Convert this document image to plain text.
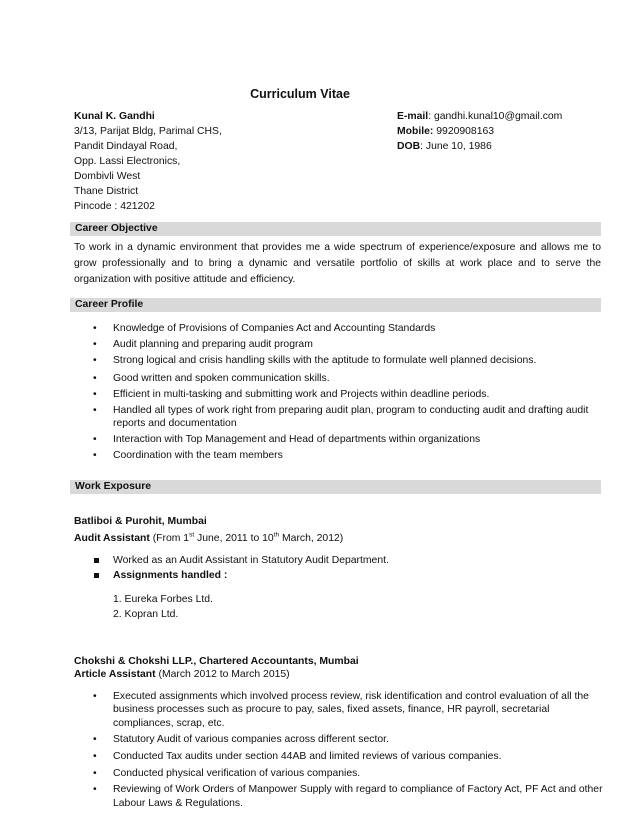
Curriculum Vitae
Kunal K. Gandhi
3/13, Parijat Bldg, Parimal CHS,
Pandit Dindayal Road,
Opp. Lassi Electronics,
Dombivli West
Thane District
Pincode : 421202
E-mail: gandhi.kunal10@gmail.com
Mobile: 9920908163
DOB: June 10, 1986
Career Objective
To work in a dynamic environment that provides me a wide spectrum of experience/exposure and allows me to grow professionally and to bring a dynamic and versatile portfolio of skills at work place and to serve the organization with positive attitude and efficiency.
Career Profile
• Knowledge of Provisions of Companies Act and Accounting Standards
• Audit planning and preparing audit program
• Strong logical and crisis handling skills with the aptitude to formulate well planned decisions.
• Good written and spoken communication skills.
• Efficient in multi-tasking and submitting work and Projects within deadline periods.
• Handled all types of work right from preparing audit plan, program to conducting audit and drafting audit reports and documentation
• Interaction with Top Management and Head of departments within organizations
• Coordination with the team members
Work Exposure
Batliboi & Purohit, Mumbai
Audit Assistant (From 1st June, 2011 to 10th March, 2012)
Worked as an Audit Assistant in Statutory Audit Department.
Assignments handled :
1. Eureka Forbes Ltd.
2. Kopran Ltd.
Chokshi & Chokshi LLP., Chartered Accountants, Mumbai
Article Assistant (March 2012 to March 2015)
• Executed assignments which involved process review, risk identification and control evaluation of all the business processes such as procure to pay, sales, fixed assets, finance, HR payroll, secretarial compliances, scrap, etc.
• Statutory Audit of various companies across different sector.
• Conducted Tax audits under section 44AB and limited reviews of various companies.
• Conducted physical verification of various companies.
• Reviewing of Work Orders of Manpower Supply with regard to compliance of Factory Act, PF Act and other Labour Laws & Regulations.
